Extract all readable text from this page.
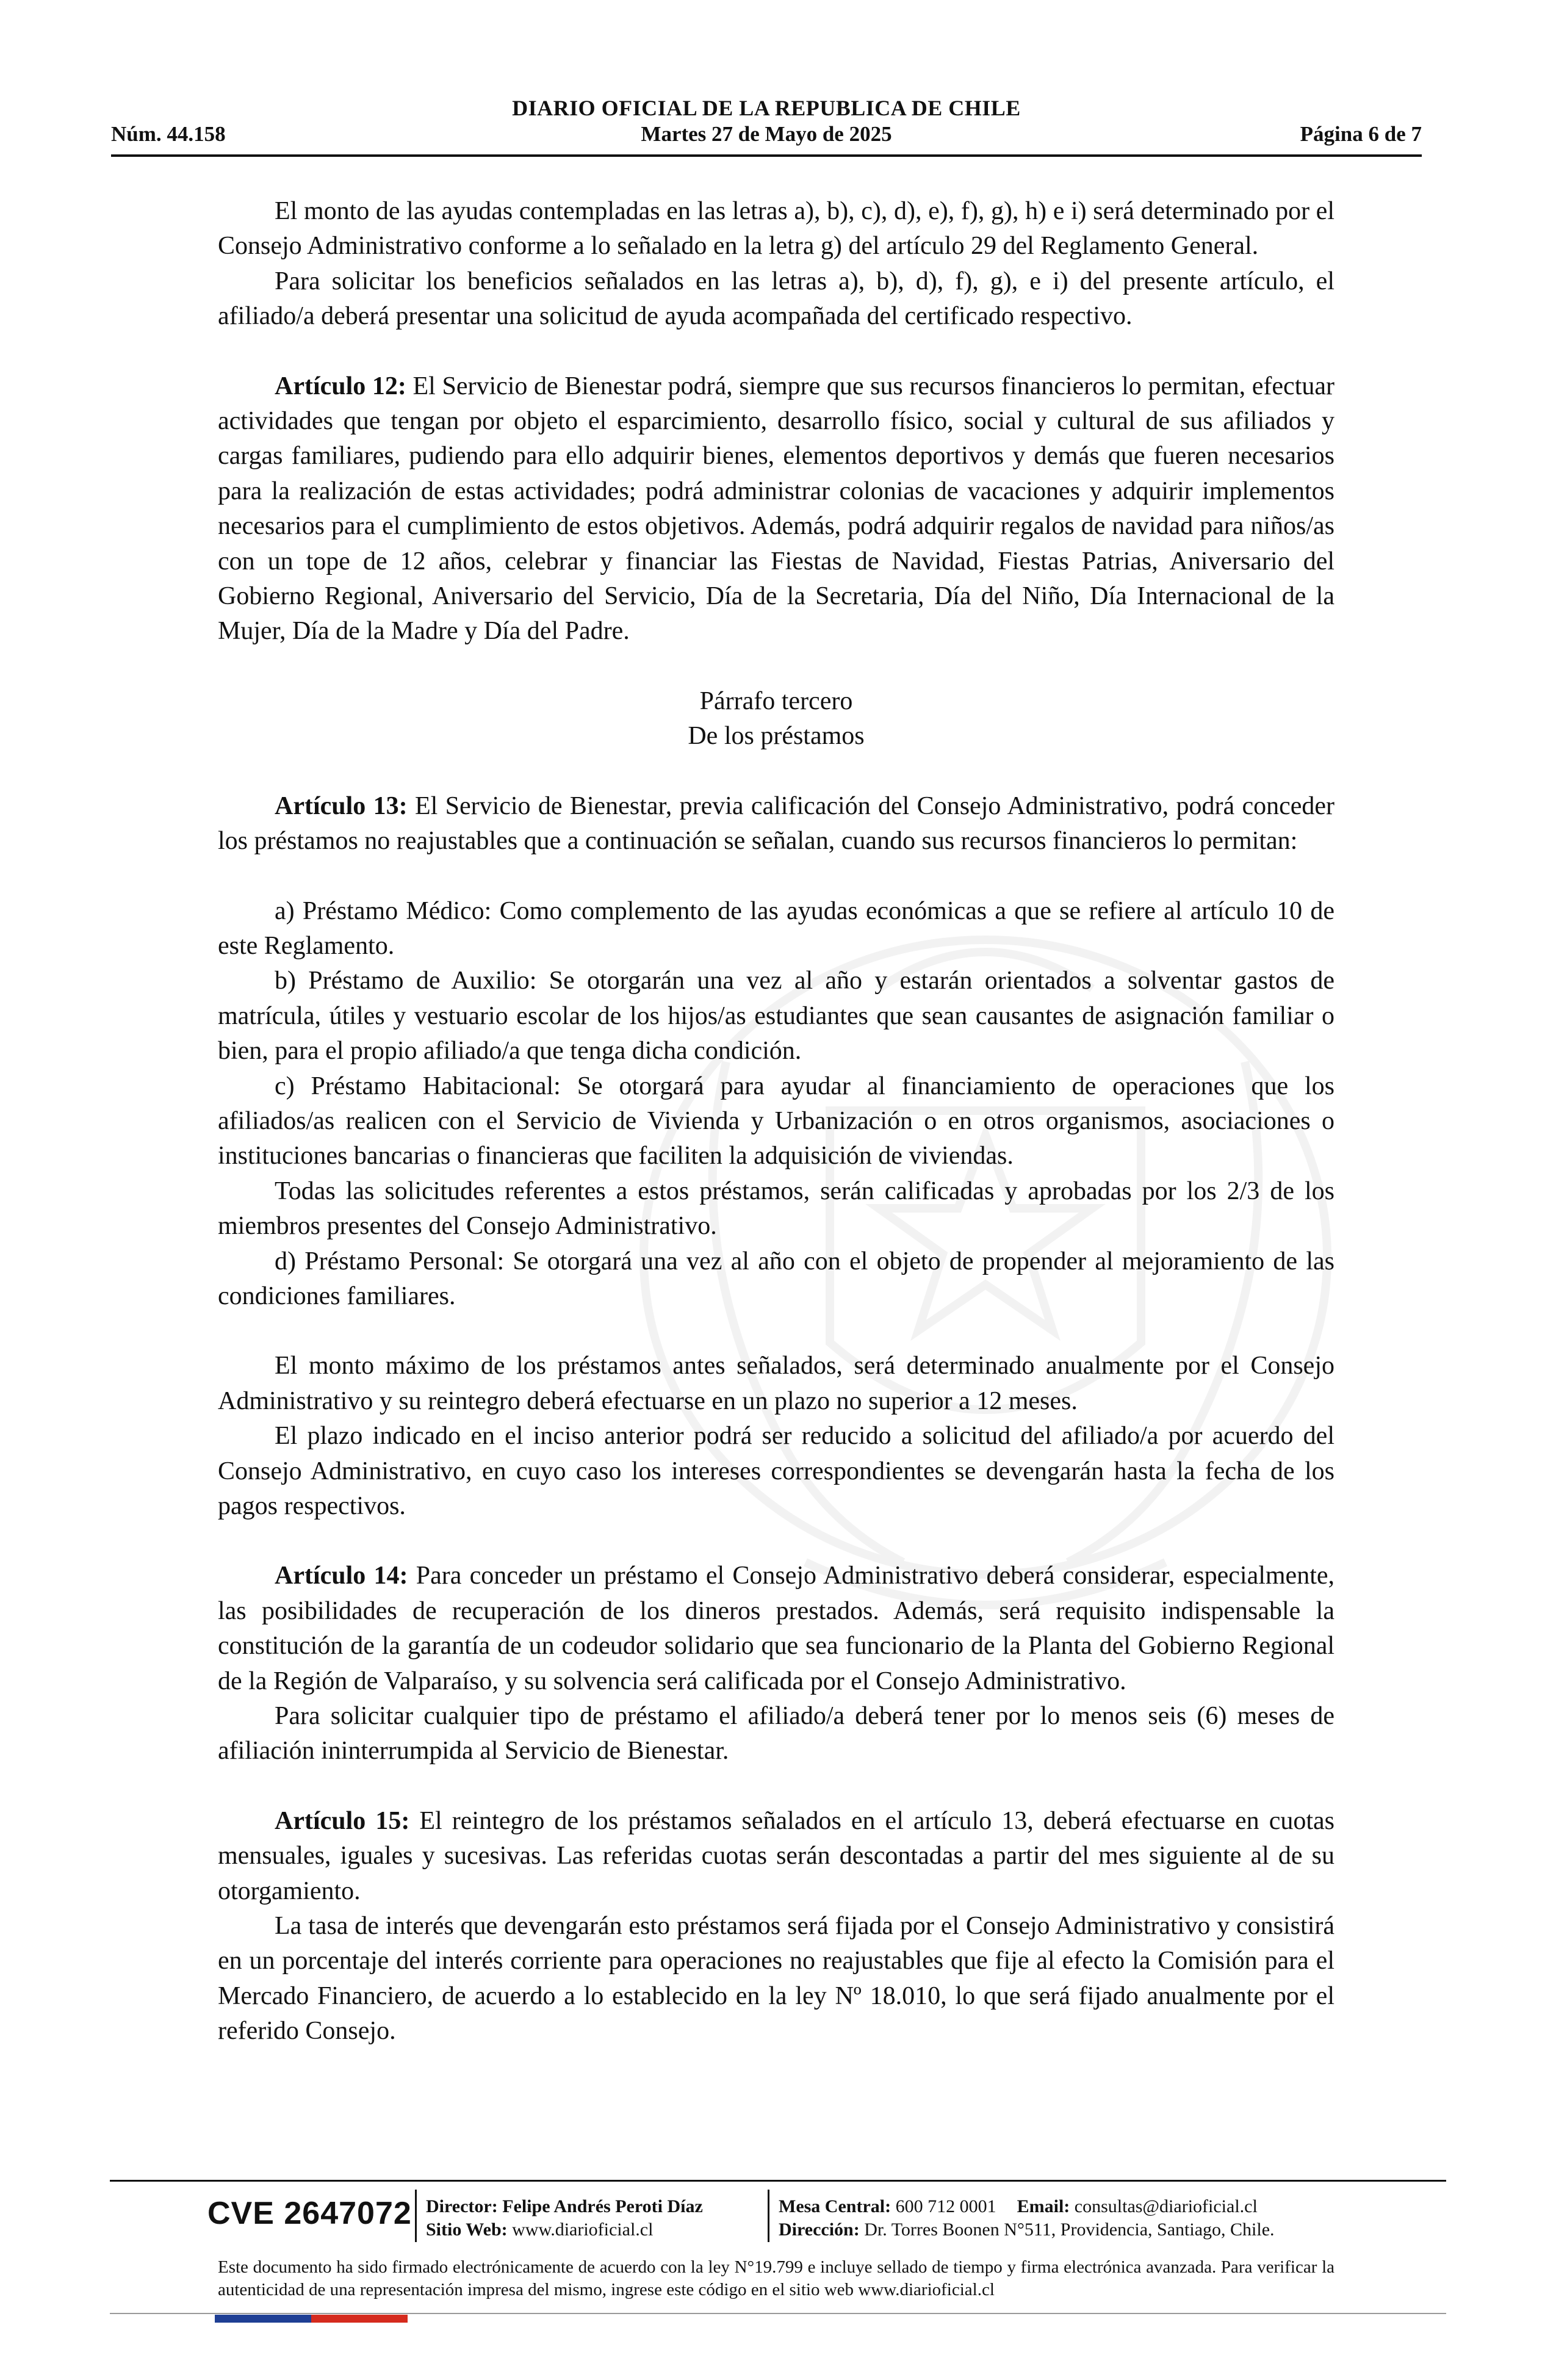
DIARIO OFICIAL DE LA REPUBLICA DE CHILE
Núm. 44.158	Martes 27 de Mayo de 2025	Página 6 de 7

El monto de las ayudas contempladas en las letras a), b), c), d), e), f), g), h) e i) será determinado por el Consejo Administrativo conforme a lo señalado en la letra g) del artículo 29 del Reglamento General.

Para solicitar los beneficios señalados en las letras a), b), d), f), g), e i) del presente artículo, el afiliado/a deberá presentar una solicitud de ayuda acompañada del certificado respectivo.

Artículo 12: El Servicio de Bienestar podrá, siempre que sus recursos financieros lo permitan, efectuar actividades que tengan por objeto el esparcimiento, desarrollo físico, social y cultural de sus afiliados y cargas familiares, pudiendo para ello adquirir bienes, elementos deportivos y demás que fueren necesarios para la realización de estas actividades; podrá administrar colonias de vacaciones y adquirir implementos necesarios para el cumplimiento de estos objetivos. Además, podrá adquirir regalos de navidad para niños/as con un tope de 12 años, celebrar y financiar las Fiestas de Navidad, Fiestas Patrias, Aniversario del Gobierno Regional, Aniversario del Servicio, Día de la Secretaria, Día del Niño, Día Internacional de la Mujer, Día de la Madre y Día del Padre.

Párrafo tercero

De los préstamos

Artículo 13: El Servicio de Bienestar, previa calificación del Consejo Administrativo, podrá conceder los préstamos no reajustables que a continuación se señalan, cuando sus recursos financieros lo permitan:

a) Préstamo Médico: Como complemento de las ayudas económicas a que se refiere al artículo 10 de este Reglamento.

b) Préstamo de Auxilio: Se otorgarán una vez al año y estarán orientados a solventar gastos de matrícula, útiles y vestuario escolar de los hijos/as estudiantes que sean causantes de asignación familiar o bien, para el propio afiliado/a que tenga dicha condición.

c) Préstamo Habitacional: Se otorgará para ayudar al financiamiento de operaciones que los afiliados/as realicen con el Servicio de Vivienda y Urbanización o en otros organismos, asociaciones o instituciones bancarias o financieras que faciliten la adquisición de viviendas.

Todas las solicitudes referentes a estos préstamos, serán calificadas y aprobadas por los 2/3 de los miembros presentes del Consejo Administrativo.

d) Préstamo Personal: Se otorgará una vez al año con el objeto de propender al mejoramiento de las condiciones familiares.

El monto máximo de los préstamos antes señalados, será determinado anualmente por el Consejo Administrativo y su reintegro deberá efectuarse en un plazo no superior a 12 meses.

El plazo indicado en el inciso anterior podrá ser reducido a solicitud del afiliado/a por acuerdo del Consejo Administrativo, en cuyo caso los intereses correspondientes se devengarán hasta la fecha de los pagos respectivos.

Artículo 14: Para conceder un préstamo el Consejo Administrativo deberá considerar, especialmente, las posibilidades de recuperación de los dineros prestados. Además, será requisito indispensable la constitución de la garantía de un codeudor solidario que sea funcionario de la Planta del Gobierno Regional de la Región de Valparaíso, y su solvencia será calificada por el Consejo Administrativo.

Para solicitar cualquier tipo de préstamo el afiliado/a deberá tener por lo menos seis (6) meses de afiliación ininterrumpida al Servicio de Bienestar.

Artículo 15: El reintegro de los préstamos señalados en el artículo 13, deberá efectuarse en cuotas mensuales, iguales y sucesivas. Las referidas cuotas serán descontadas a partir del mes siguiente al de su otorgamiento.

La tasa de interés que devengarán esto préstamos será fijada por el Consejo Administrativo y consistirá en un porcentaje del interés corriente para operaciones no reajustables que fije al efecto la Comisión para el Mercado Financiero, de acuerdo a lo establecido en la ley Nº 18.010, lo que será fijado anualmente por el referido Consejo.

CVE 2647072 Director: Felipe Andrés Peroti Díaz
Sitio Web: www.diarioficial.cl
Mesa Central: 600 712 0001 Email: consultas@diarioficial.cl
Dirección: Dr. Torres Boonen N°511, Providencia, Santiago, Chile.
Este documento ha sido firmado electrónicamente de acuerdo con la ley N°19.799 e incluye sellado de tiempo y firma electrónica avanzada. Para verificar la autenticidad de una representación impresa del mismo, ingrese este código en el sitio web www.diarioficial.cl
